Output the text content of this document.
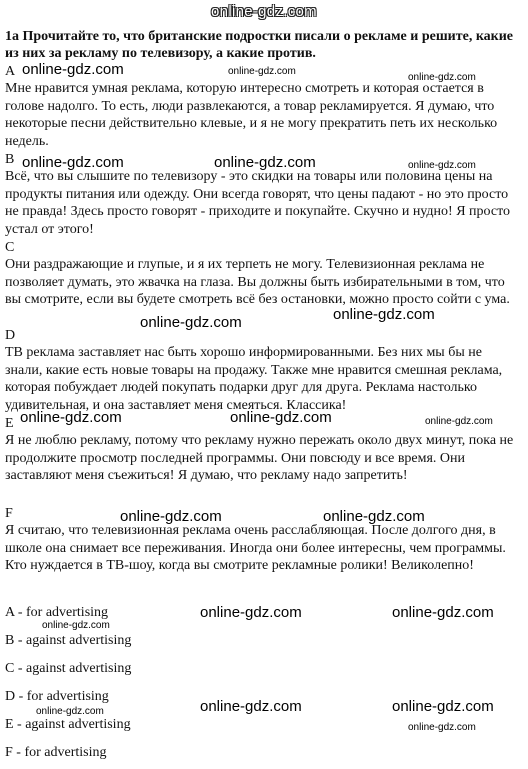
online-gdz.com
1a Прочитайте то, что британские подростки писали о рекламе и решите, какие из них за рекламу по телевизору, а какие против.
A
Мне нравится умная реклама, которую интересно смотреть и которая остается в голове надолго. То есть, люди развлекаются, а товар рекламируется. Я думаю, что некоторые песни действительно клевые, и я не могу прекратить петь их несколько недель.
B
Всё, что вы слышите по телевизору - это скидки на товары или половина цены на продукты питания или одежду. Они всегда говорят, что цены падают - но это просто не правда! Здесь просто говорят - приходите и покупайте. Скучно и нудно! Я просто устал от этого!
C
Они раздражающие и глупые, и я их терпеть не могу. Телевизионная реклама не позволяет думать, это жвачка на глаза. Вы должны быть избирательными в том, что вы смотрите, если вы будете смотреть всё без остановки, можно просто сойти с ума.
D
ТВ реклама заставляет нас быть хорошо информированными. Без них мы бы не знали, какие есть новые товары на продажу. Также мне нравится смешная реклама, которая побуждает людей покупать подарки друг для друга. Реклама настолько удивительная, и она заставляет меня смеяться. Классика!
E
Я не люблю рекламу, потому что рекламу нужно пережать около двух минут, пока не продолжите просмотр последней программы. Они повсюду и все время. Они заставляют меня съежиться! Я думаю, что рекламу надо запретить!
F
Я считаю, что телевизионная реклама очень расслабляющая. После долгого дня, в школе она снимает все переживания. Иногда они более интересны, чем программы. Кто нуждается в ТВ-шоу, когда вы смотрите рекламные ролики! Великолепно!
A - for advertising
B - against advertising
C - against advertising
D - for advertising
E - against advertising
F - for advertising
online-gdz.com	online-gdz.com
online-gdz.com
online-gdz.com	online-gdz.com	online-gdz.com
online-gdz.com	online-gdz.com
online-gdz.com	online-gdz.com	online-gdz.com
online-gdz.com	online-gdz.com
online-gdz.com
online-gdz.com	online-gdz.com
online-gdz.com	online-gdz.com	online-gdz.com
online-gdz.com
